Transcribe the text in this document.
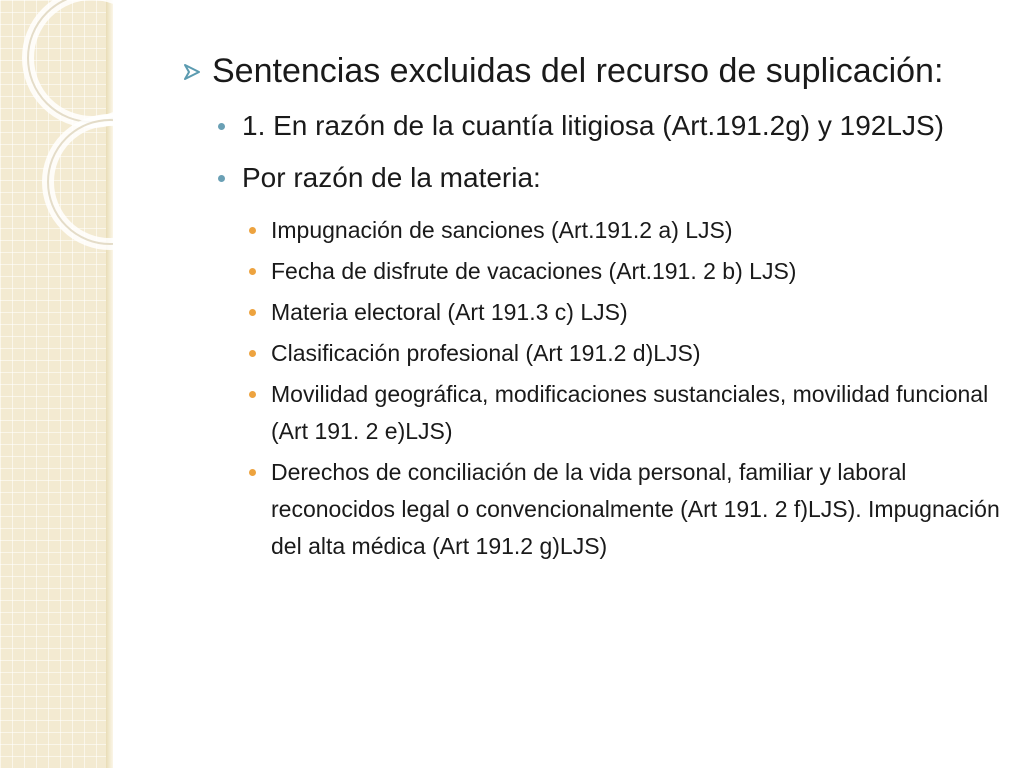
Sentencias excluidas del recurso de suplicación:
1. En razón de la cuantía litigiosa (Art.191.2g) y 192LJS)
Por razón de la materia:
Impugnación de sanciones (Art.191.2 a) LJS)
Fecha de disfrute de vacaciones (Art.191. 2 b) LJS)
Materia electoral (Art 191.3 c) LJS)
Clasificación profesional (Art 191.2 d)LJS)
Movilidad geográfica, modificaciones sustanciales, movilidad funcional (Art 191. 2 e)LJS)
Derechos de conciliación de la vida personal, familiar y laboral reconocidos legal o convencionalmente (Art 191. 2 f)LJS). Impugnación del alta médica (Art 191.2 g)LJS)
